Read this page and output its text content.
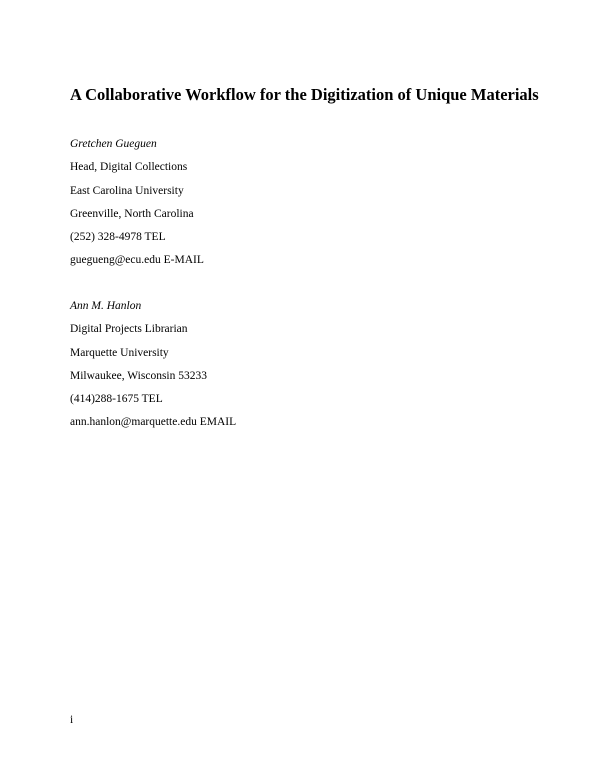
A Collaborative Workflow for the Digitization of Unique Materials
Gretchen Gueguen
Head, Digital Collections
East Carolina University
Greenville, North Carolina
(252) 328-4978 TEL
guegueng@ecu.edu E-MAIL
Ann M. Hanlon
Digital Projects Librarian
Marquette University
Milwaukee, Wisconsin 53233
(414)288-1675 TEL
ann.hanlon@marquette.edu EMAIL
i
